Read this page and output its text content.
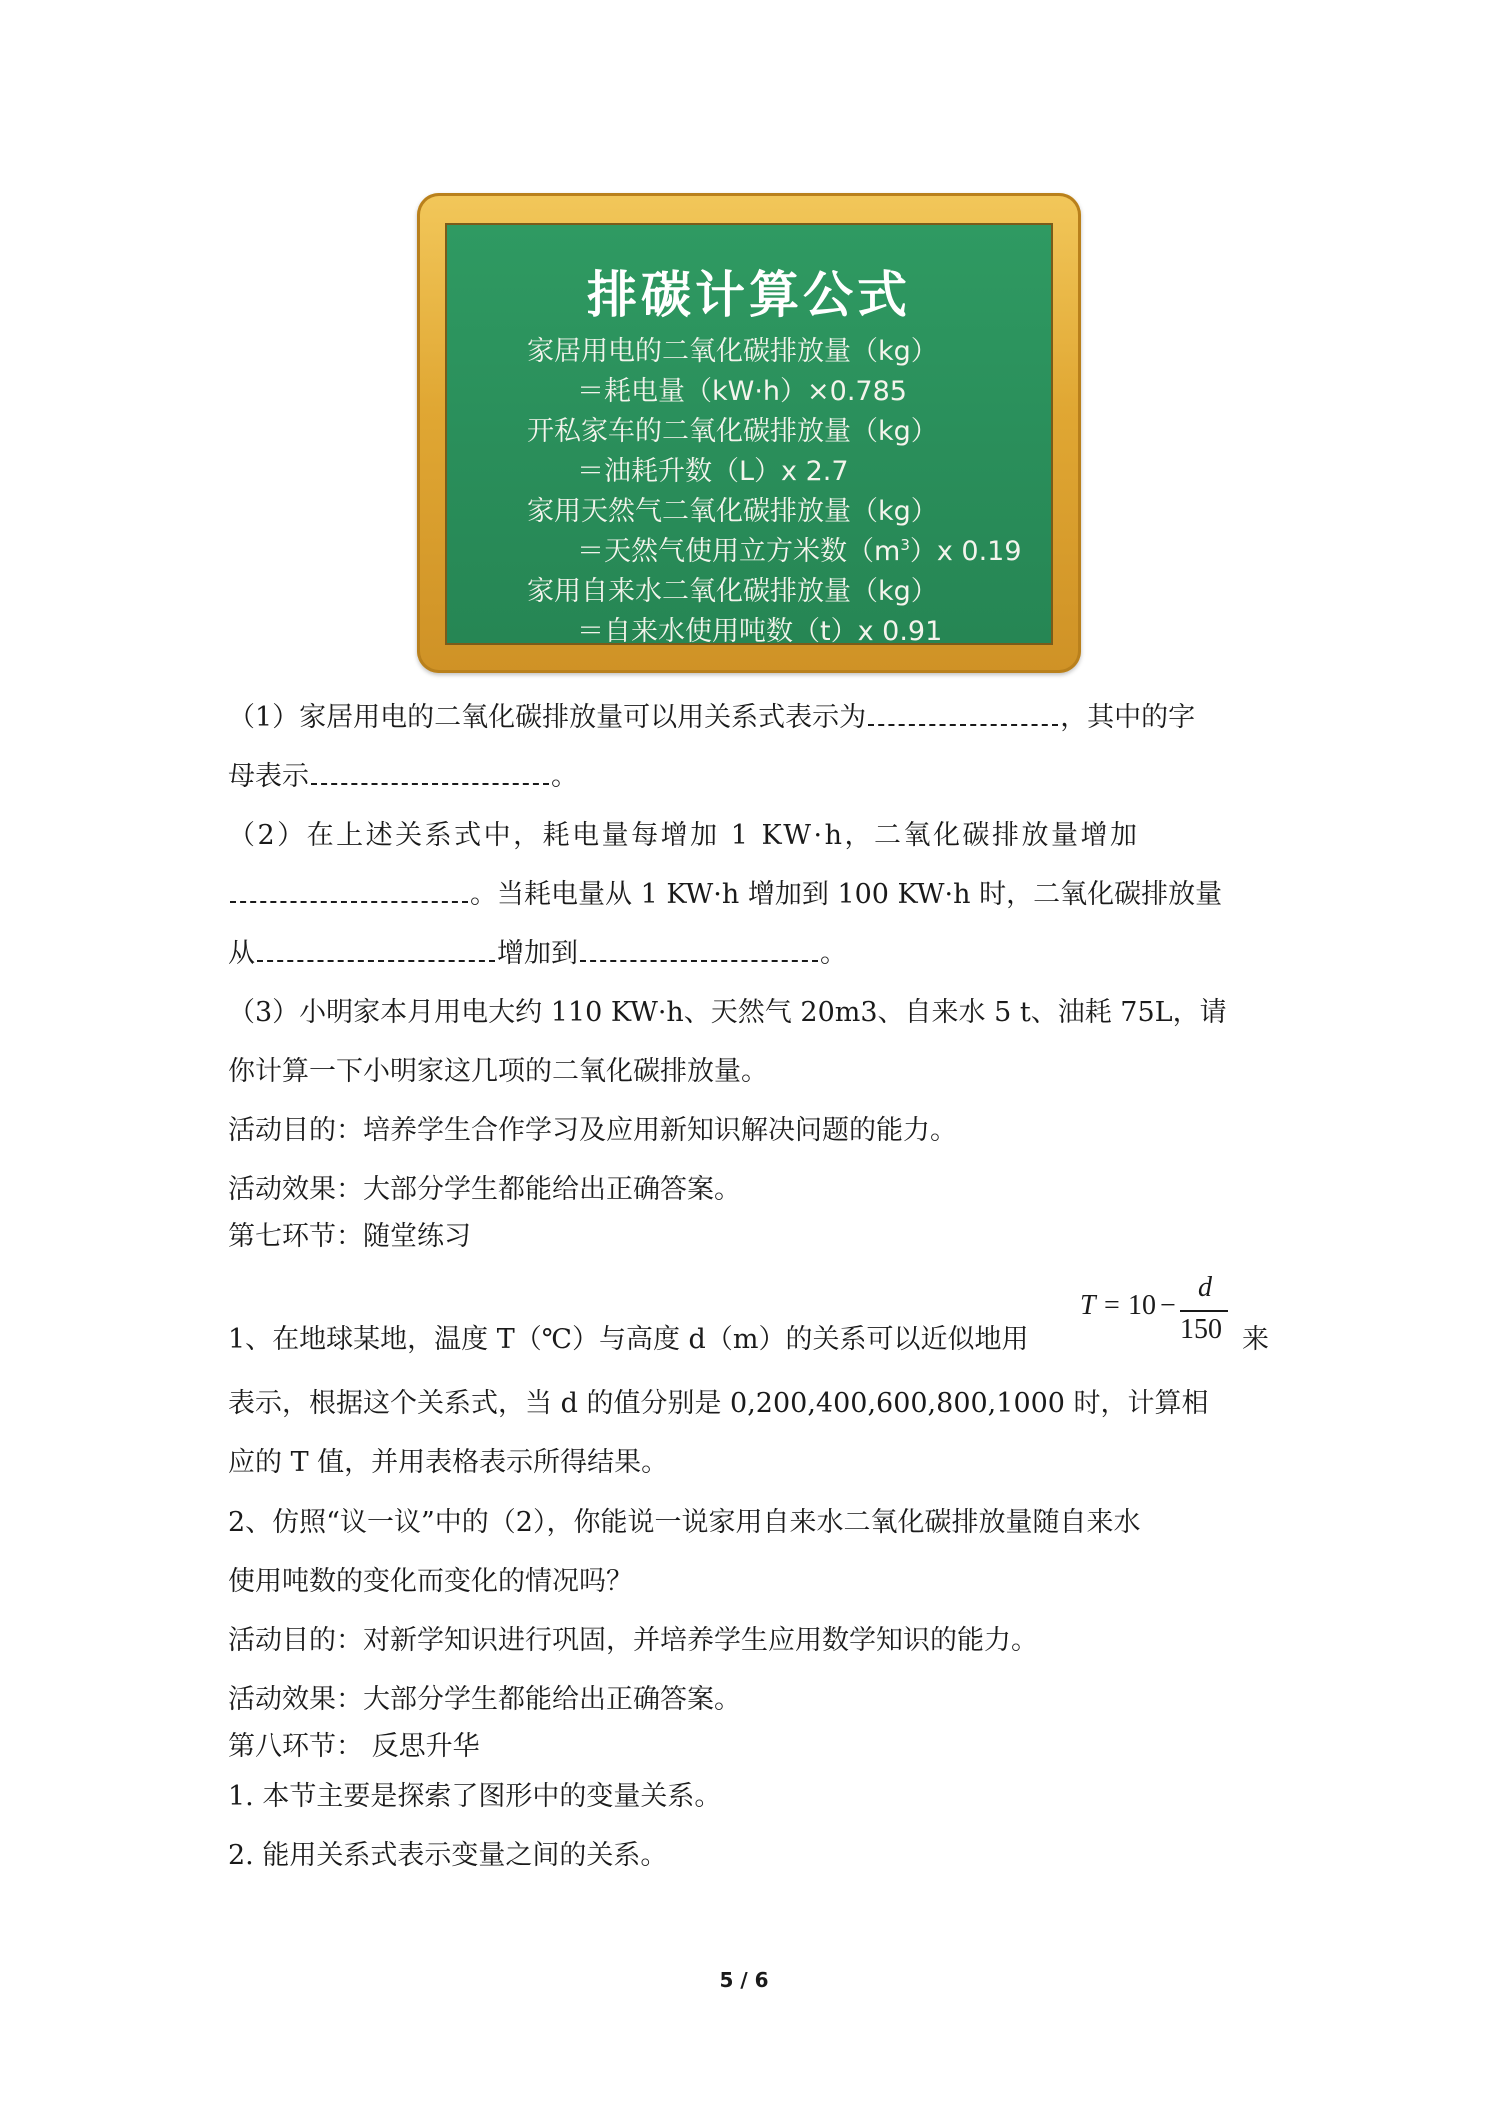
排碳计算公式
家居用电的二氧化碳排放量（kg）
＝耗电量（kW·h）×0.785
开私家车的二氧化碳排放量（kg）
＝油耗升数（L）x 2.7
家用天然气二氧化碳排放量（kg）
＝天然气使用立方米数$(m^3)x$ 0.19
家用自来水二氧化碳排放量（kg）
＝自来水使用吨数（t）x 0.91
（1）家居用电的二氧化碳排放量可以用关系式表示为	，其中的字
母表示	。
（2）在上述关系式中，耗电量每增加 1 KW·h，二氧化碳排放量增加
。当耗电量从 1 KW·h 增加到 100 KW·h 时，二氧化碳排放量
从	增加到	。
（3）小明家本月用电大约 110 KW·h、天然气 20m3、自来水 5 t、油耗 75L，请
你计算一下小明家这几项的二氧化碳排放量。
活动目的：培养学生合作学习及应用新知识解决问题的能力。
活动效果：大部分学生都能给出正确答案。
第七环节：随堂练习
T = 10 −
d
150
1、在地球某地，温度 T（℃）与高度 d（m）的关系可以近似地用	来
表示，根据这个关系式，当 d 的值分别是 0,200,400,600,800,1000 时，计算相
应的 T 值，并用表格表示所得结果。
2、仿照“议一议”中的（2），你能说一说家用自来水二氧化碳排放量随自来水
使用吨数的变化而变化的情况吗？
活动目的：对新学知识进行巩固，并培养学生应用数学知识的能力。
活动效果：大部分学生都能给出正确答案。
第八环节： 反思升华
1. 本节主要是探索了图形中的变量关系。
2. 能用关系式表示变量之间的关系。
5 / 6
